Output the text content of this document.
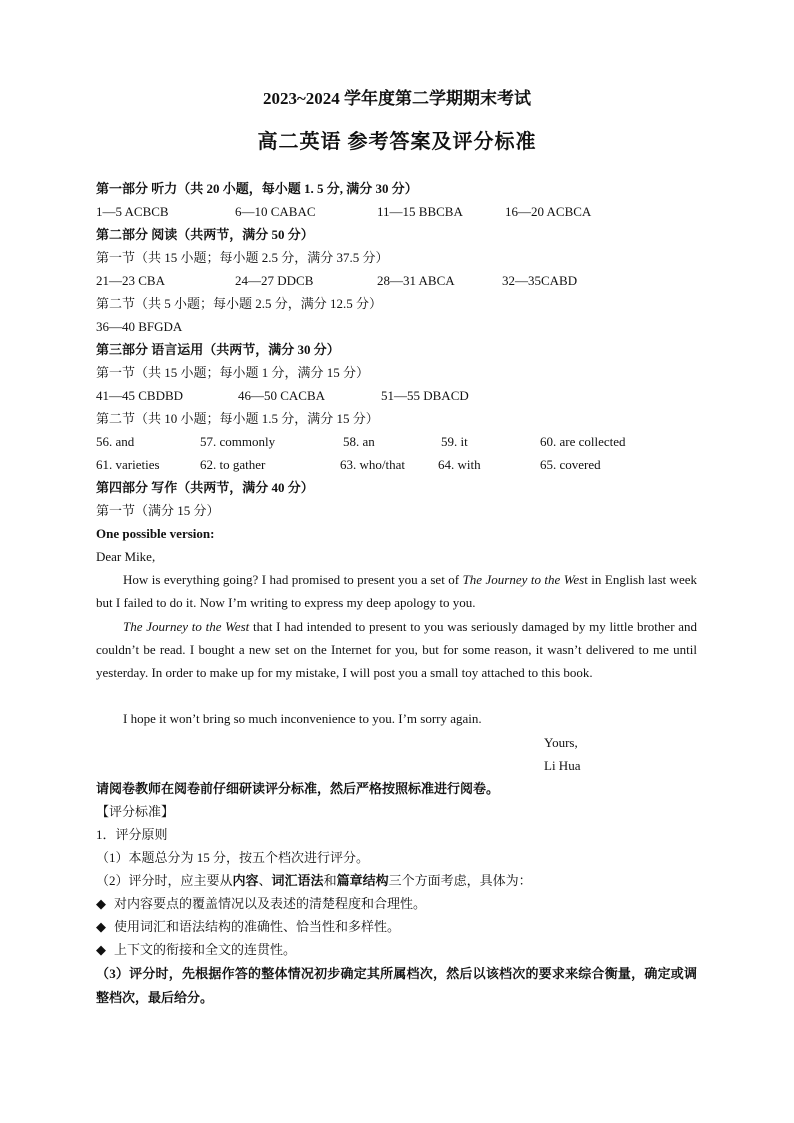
2023~2024 学年度第二学期期末考试
高二英语 参考答案及评分标准
第一部分 听力（共 20 小题，每小题 1. 5 分, 满分 30 分）
1—5 ACBCB	6—10 CABAC	11—15 BBCBA	16—20 ACBCA
第二部分 阅读（共两节，满分 50 分）
第一节（共 15 小题；每小题 2.5 分，满分 37.5 分）
21—23 CBA	24—27 DDCB	28—31 ABCA	32—35CABD
第二节（共 5 小题；每小题 2.5 分，满分 12.5 分）
36—40 BFGDA
第三部分 语言运用（共两节，满分 30 分）
第一节（共 15 小题；每小题 1 分，满分 15 分）
41—45 CBDBD	46—50 CACBA	51—55 DBACD
第二节（共 10 小题；每小题 1.5 分，满分 15 分）
56. and	57. commonly	58. an	59. it	60. are collected
61. varieties	62. to gather	63. who/that	64. with	65. covered
第四部分 写作（共两节，满分 40 分）
第一节（满分 15 分）
One possible version:
Dear Mike,
How is everything going? I had promised to present you a set of The Journey to the West in English last week but I failed to do it. Now I’m writing to express my deep apology to you.
The Journey to the West that I had intended to present to you was seriously damaged by my little brother and couldn’t be read. I bought a new set on the Internet for you, but for some reason, it wasn’t delivered to me until yesterday. In order to make up for my mistake, I will post you a small toy attached to this book.
I hope it won’t bring so much inconvenience to you. I’m sorry again.
Yours,
Li Hua
请阅卷教师在阅卷前仔细研读评分标准，然后严格按照标准进行阅卷。
【评分标准】
1．评分原则
（1）本题总分为 15 分，按五个档次进行评分。
（2）评分时，应主要从内容、词汇语法和篇章结构三个方面考虑，具体为：
◆ 对内容要点的覆盖情况以及表述的清楚程度和合理性。
◆ 使用词汇和语法结构的准确性、恰当性和多样性。
◆ 上下文的衔接和全文的连贯性。
（3）评分时，先根据作答的整体情况初步确定其所属档次，然后以该档次的要求来综合衡量，确定或调整档次，最后给分。
